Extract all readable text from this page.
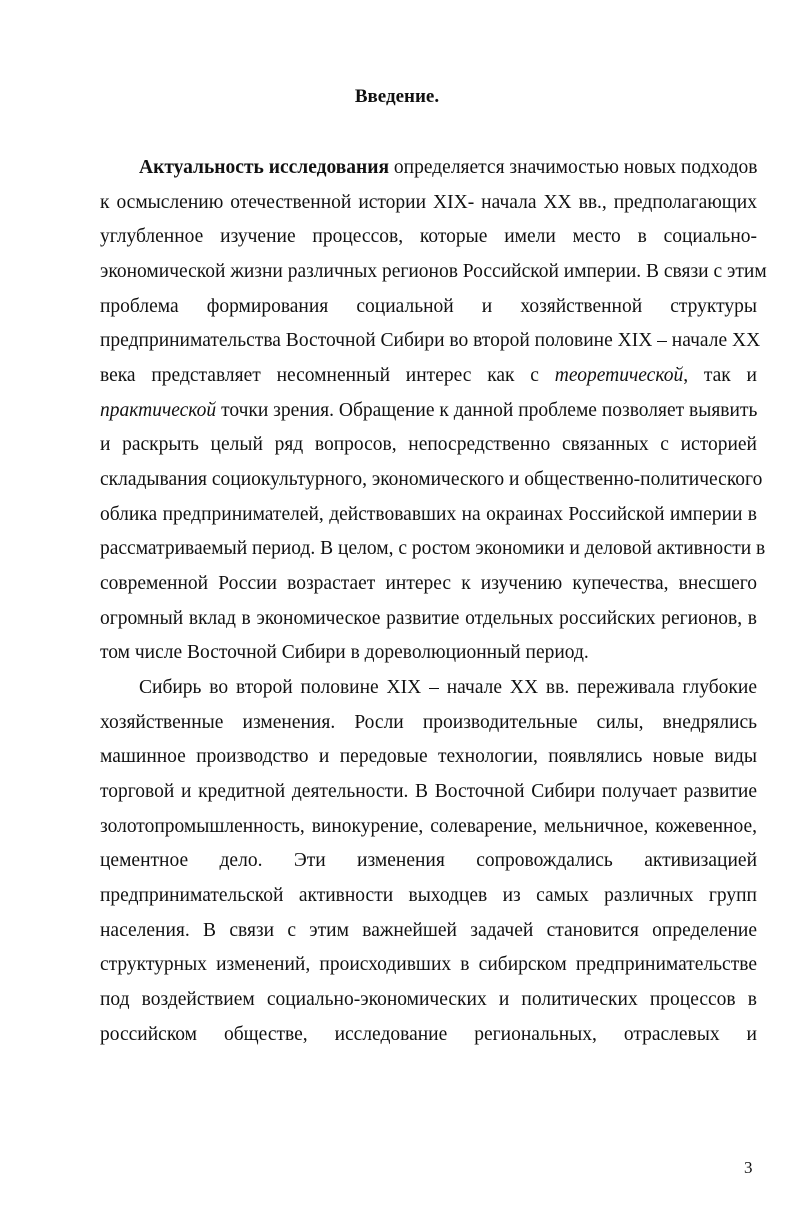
Введение.
Актуальность исследования определяется значимостью новых подходов
к осмыслению отечественной истории XIX- начала XX вв., предполагающих
углубленное изучение процессов, которые имели место в социально-
экономической жизни различных регионов Российской империи. В связи с этим
проблема формирования социальной и хозяйственной структуры
предпринимательства Восточной Сибири во второй половине XIX – начале XX
века представляет несомненный интерес как с теоретической, так и
практической точки зрения. Обращение к данной проблеме позволяет выявить
и раскрыть целый ряд вопросов, непосредственно связанных с историей
складывания социокультурного, экономического и общественно-политического
облика предпринимателей, действовавших на окраинах Российской империи в
рассматриваемый период. В целом, с ростом экономики и деловой активности в
современной России возрастает интерес к изучению купечества, внесшего
огромный вклад в экономическое развитие отдельных российских регионов, в
том числе Восточной Сибири в дореволюционный период.
Сибирь во второй половине XIX – начале XX вв. переживала глубокие
хозяйственные изменения. Росли производительные силы, внедрялись
машинное производство и передовые технологии, появлялись новые виды
торговой и кредитной деятельности. В Восточной Сибири получает развитие
золотопромышленность, винокурение, солеварение, мельничное, кожевенное,
цементное дело. Эти изменения сопровождались активизацией
предпринимательской активности выходцев из самых различных групп
населения. В связи с этим важнейшей задачей становится определение
структурных изменений, происходивших в сибирском предпринимательстве
под воздействием социально-экономических и политических процессов в
российском обществе, исследование региональных, отраслевых и
3
